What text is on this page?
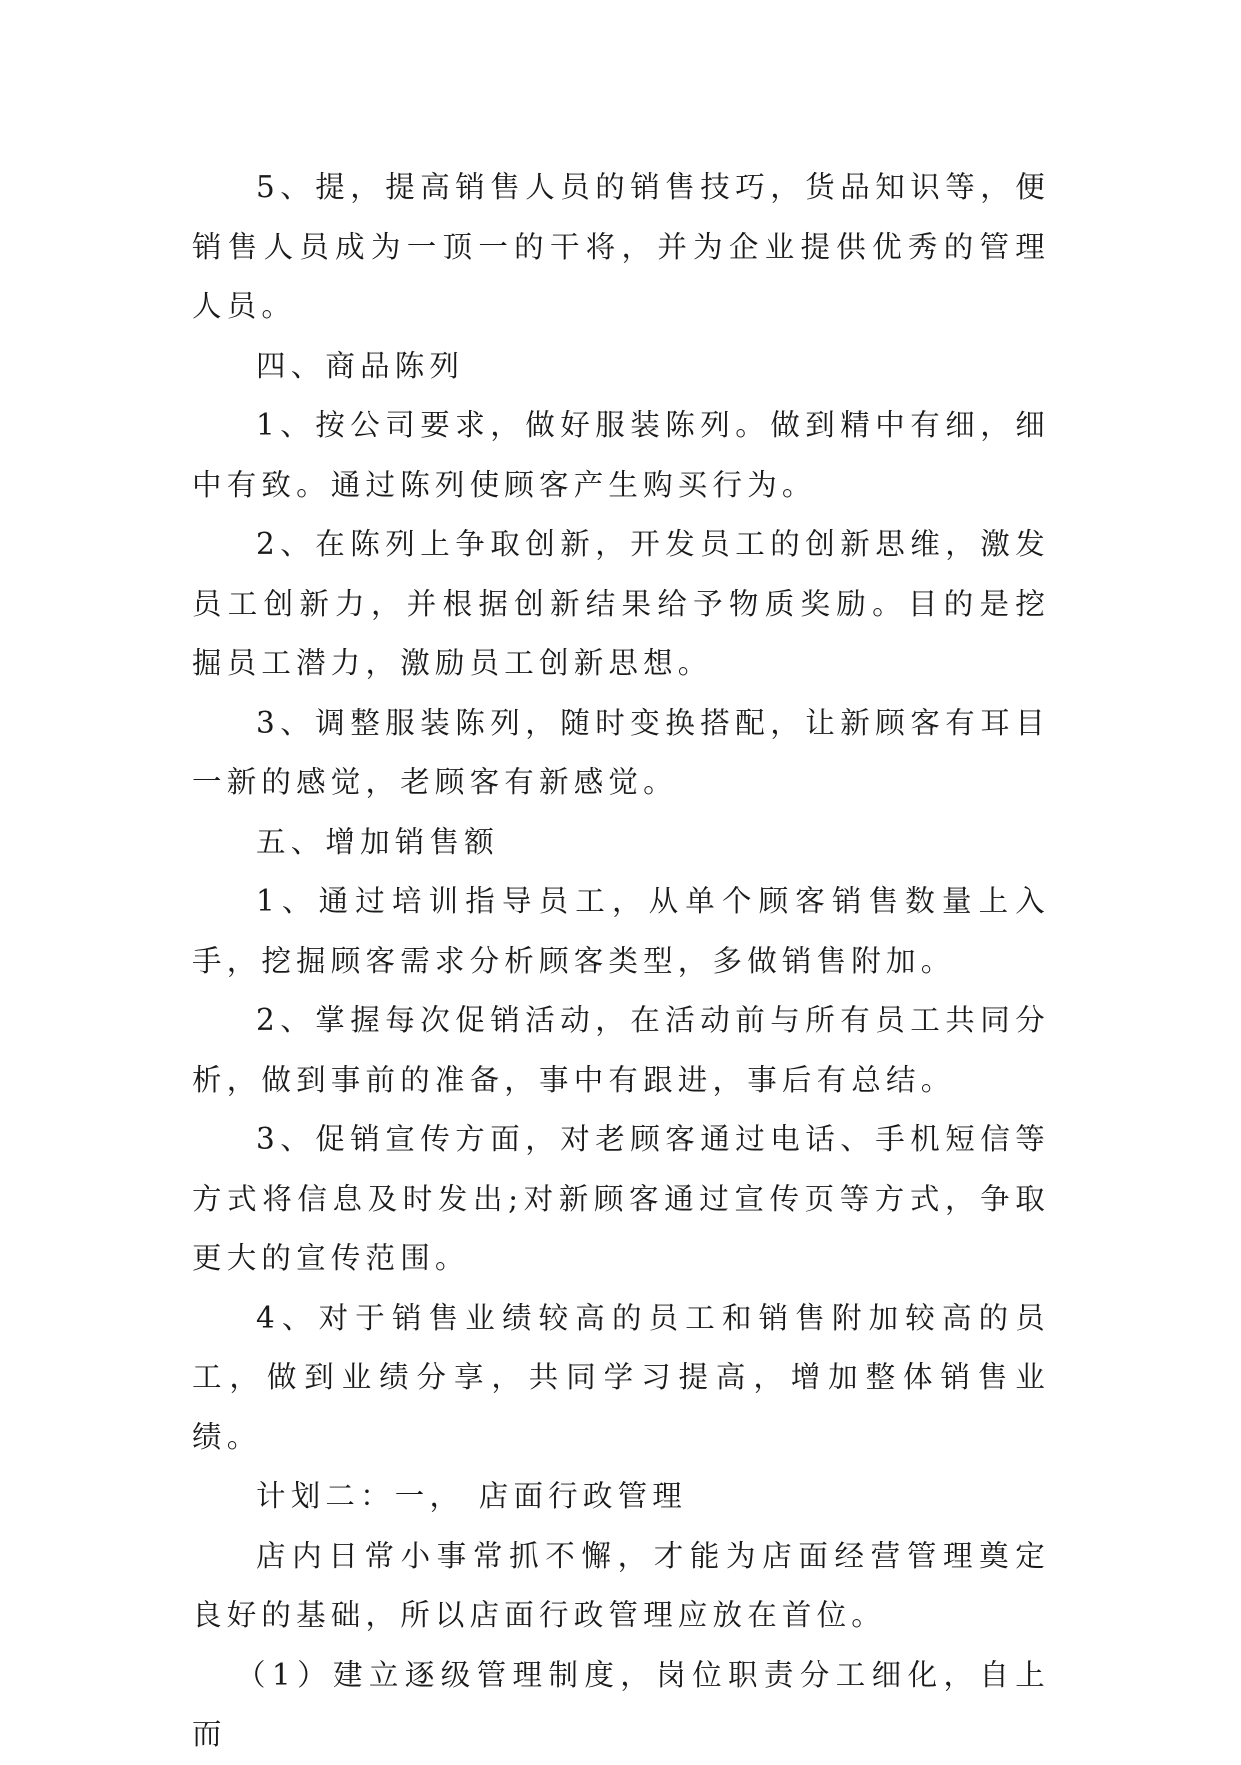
5、提，提高销售人员的销售技巧，货品知识等，便销售人员成为一顶一的干将，并为企业提供优秀的管理人员。

四、商品陈列

1、按公司要求，做好服装陈列。做到精中有细，细中有致。通过陈列使顾客产生购买行为。

2、在陈列上争取创新，开发员工的创新思维，激发员工创新力，并根据创新结果给予物质奖励。目的是挖掘员工潜力，激励员工创新思想。

3、调整服装陈列，随时变换搭配，让新顾客有耳目一新的感觉，老顾客有新感觉。

五、增加销售额

1、通过培训指导员工，从单个顾客销售数量上入手，挖掘顾客需求分析顾客类型，多做销售附加。

2、掌握每次促销活动，在活动前与所有员工共同分析，做到事前的准备，事中有跟进，事后有总结。

3、促销宣传方面，对老顾客通过电话、手机短信等方式将信息及时发出;对新顾客通过宣传页等方式，争取更大的宣传范围。

4、对于销售业绩较高的员工和销售附加较高的员工，做到业绩分享，共同学习提高，增加整体销售业绩。

计划二：一， 店面行政管理

店内日常小事常抓不懈，才能为店面经营管理奠定良好的基础，所以店面行政管理应放在首位。

（1）建立逐级管理制度，岗位职责分工细化，自上而
